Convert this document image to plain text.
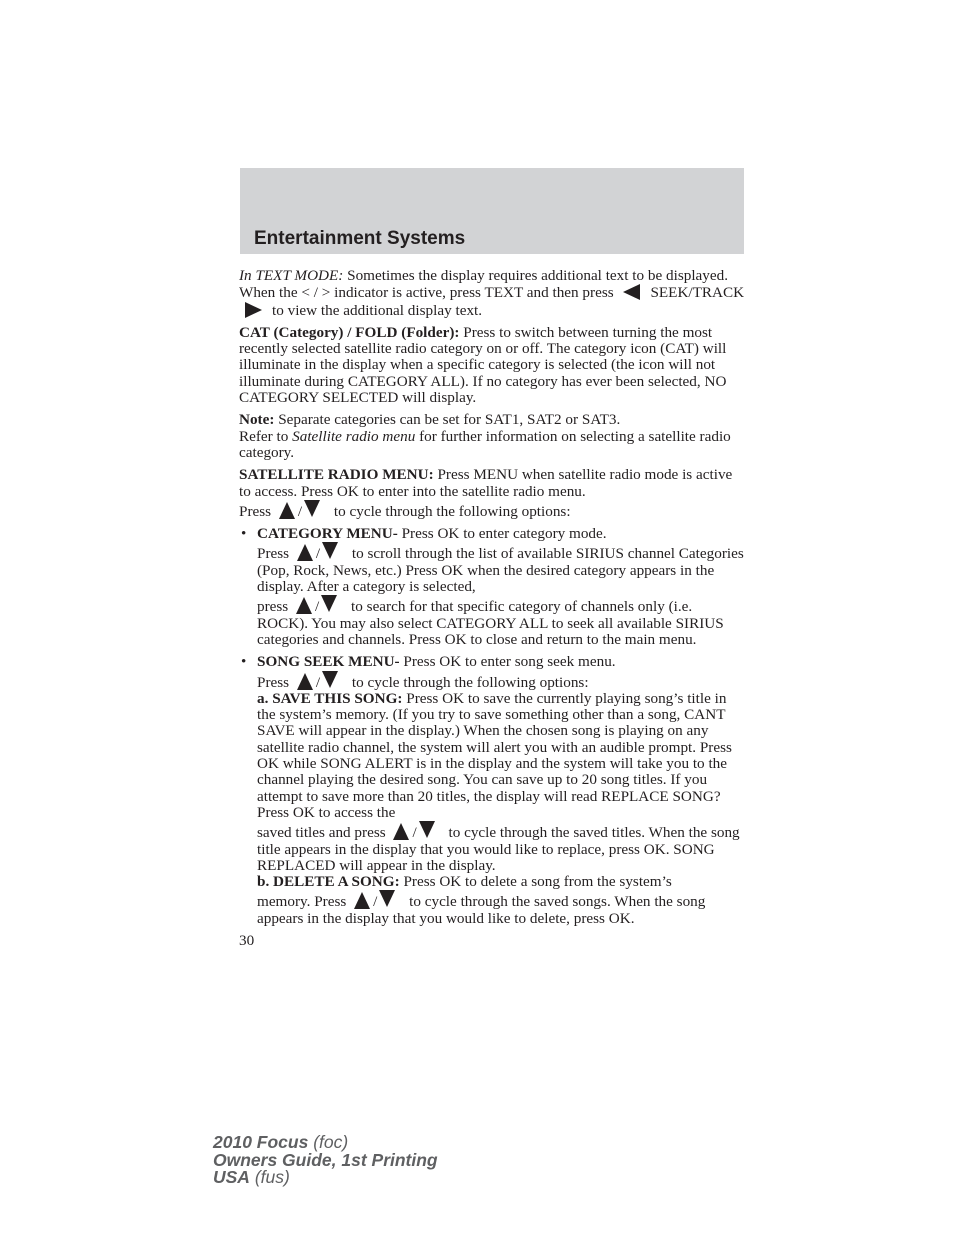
Entertainment Systems

In TEXT MODE: Sometimes the display requires additional text to be displayed. When the < / > indicator is active, press TEXT and then press SEEK/TRACK to view the additional display text.

CAT (Category) / FOLD (Folder): Press to switch between turning the most recently selected satellite radio category on or off. The category icon (CAT) will illuminate in the display when a specific category is selected (the icon will not illuminate during CATEGORY ALL). If no category has ever been selected, NO CATEGORY SELECTED will display.

Note: Separate categories can be set for SAT1, SAT2 or SAT3.
Refer to Satellite radio menu for further information on selecting a satellite radio category.

SATELLITE RADIO MENU: Press MENU when satellite radio mode is active to access. Press OK to enter into the satellite radio menu.
Press / to cycle through the following options:

• CATEGORY MENU- Press OK to enter category mode.
Press / to scroll through the list of available SIRIUS channel Categories (Pop, Rock, News, etc.) Press OK when the desired category appears in the display. After a category is selected,
press / to search for that specific category of channels only (i.e. ROCK). You may also select CATEGORY ALL to seek all available SIRIUS categories and channels. Press OK to close and return to the main menu.

• SONG SEEK MENU- Press OK to enter song seek menu.
Press / to cycle through the following options:
a. SAVE THIS SONG: Press OK to save the currently playing song’s title in the system’s memory. (If you try to save something other than a song, CANT SAVE will appear in the display.) When the chosen song is playing on any satellite radio channel, the system will alert you with an audible prompt. Press OK while SONG ALERT is in the display and the system will take you to the channel playing the desired song. You can save up to 20 song titles. If you attempt to save more than 20 titles, the display will read REPLACE SONG? Press OK to access the saved titles and press / to cycle through the saved titles. When the song title appears in the display that you would like to replace, press OK. SONG REPLACED will appear in the display.
b. DELETE A SONG: Press OK to delete a song from the system’s memory. Press / to cycle through the saved songs. When the song appears in the display that you would like to delete, press OK.

30
2010 Focus (foc)
Owners Guide, 1st Printing
USA (fus)
